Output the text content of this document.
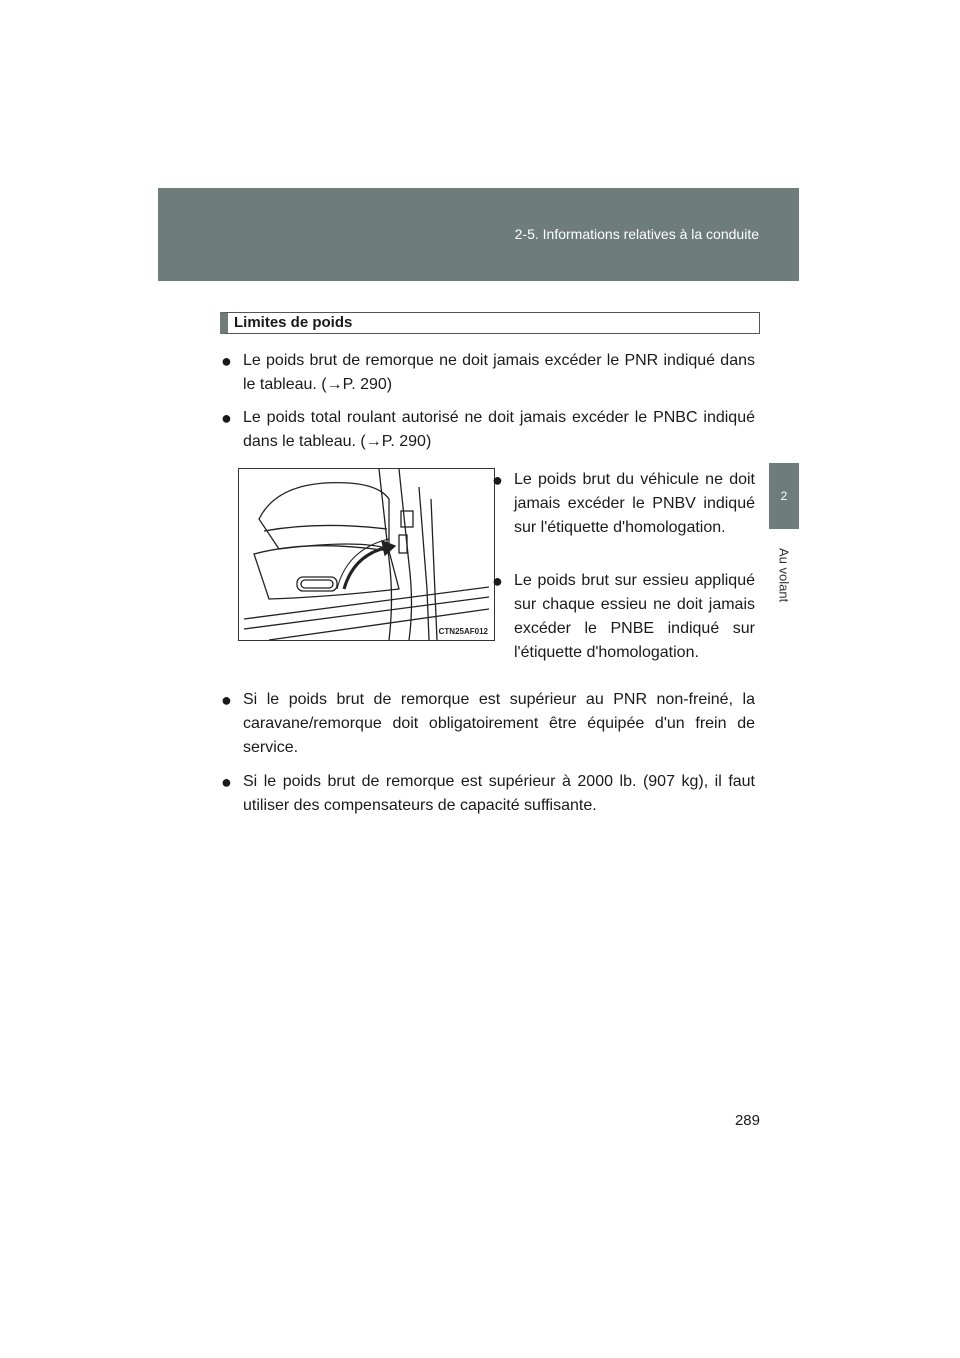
2-5. Informations relatives à la conduite
2
Au volant
Limites de poids
● Le poids brut de remorque ne doit jamais excéder le PNR indiqué dans le tableau. (→P. 290)
● Le poids total roulant autorisé ne doit jamais excéder le PNBC indiqué dans le tableau. (→P. 290)
CTN25AF012
● Le poids brut du véhicule ne doit jamais excéder le PNBV indiqué sur l'étiquette d'homologation.
● Le poids brut sur essieu appliqué sur chaque essieu ne doit jamais excéder le PNBE indiqué sur l'étiquette d'homologation.
● Si le poids brut de remorque est supérieur au PNR non-freiné, la caravane/remorque doit obligatoirement être équipée d'un frein de service.
● Si le poids brut de remorque est supérieur à 2000 lb. (907 kg), il faut utiliser des compensateurs de capacité suffisante.
289
